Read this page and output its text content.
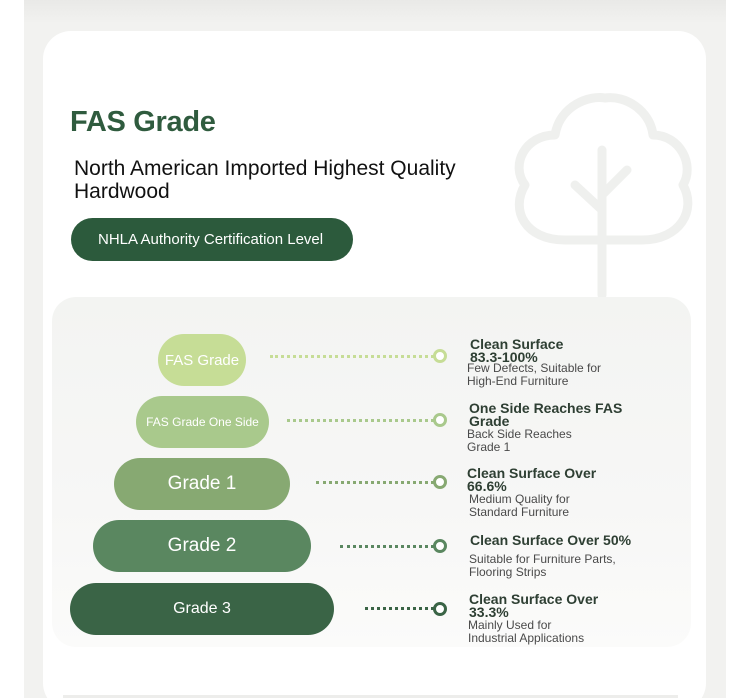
FAS Grade
North American Imported Highest Quality Hardwood
NHLA Authority Certification Level
FAS Grade
Clean Surface 83.3-100%
Few Defects, Suitable for High-End Furniture
FAS Grade One Side
One Side Reaches FAS Grade
Back Side Reaches Grade 1
Grade 1	Clean Surface Over 66.6%
Medium Quality for Standard Furniture
Grade 2	Clean Surface Over 50%
Suitable for Furniture Parts, Flooring Strips
Grade 3
Clean Surface Over 33.3%
Mainly Used for Industrial Applications
